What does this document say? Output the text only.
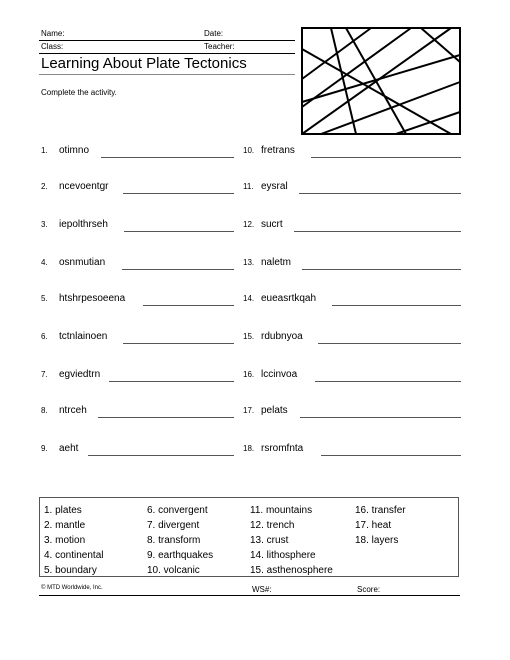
Name:	Date:
Class:	Teacher:
Learning About Plate Tectonics
Complete the activity.
1. otimno
2. ncevoentgr
3. iepolthrseh
4. osnmutian
5. htshrpesoeena
6. tctnlainoen
7. egviedtrn
8. ntrceh
9. aeht
10. fretrans
11. eysral
12. sucrt
13. naletm
14. eueasrtkqah
15. rdubnyoa
16. lccinvoa
17. pelats
18. rsromfnta
1. plates
2. mantle
3. motion
4. continental
5. boundary
6. convergent
7. divergent
8. transform
9. earthquakes
10. volcanic
11. mountains
12. trench
13. crust
14. lithosphere
15. asthenosphere
16. transfer
17. heat
18. layers
© MTD Worldwide, Inc.	WS#:	Score:
